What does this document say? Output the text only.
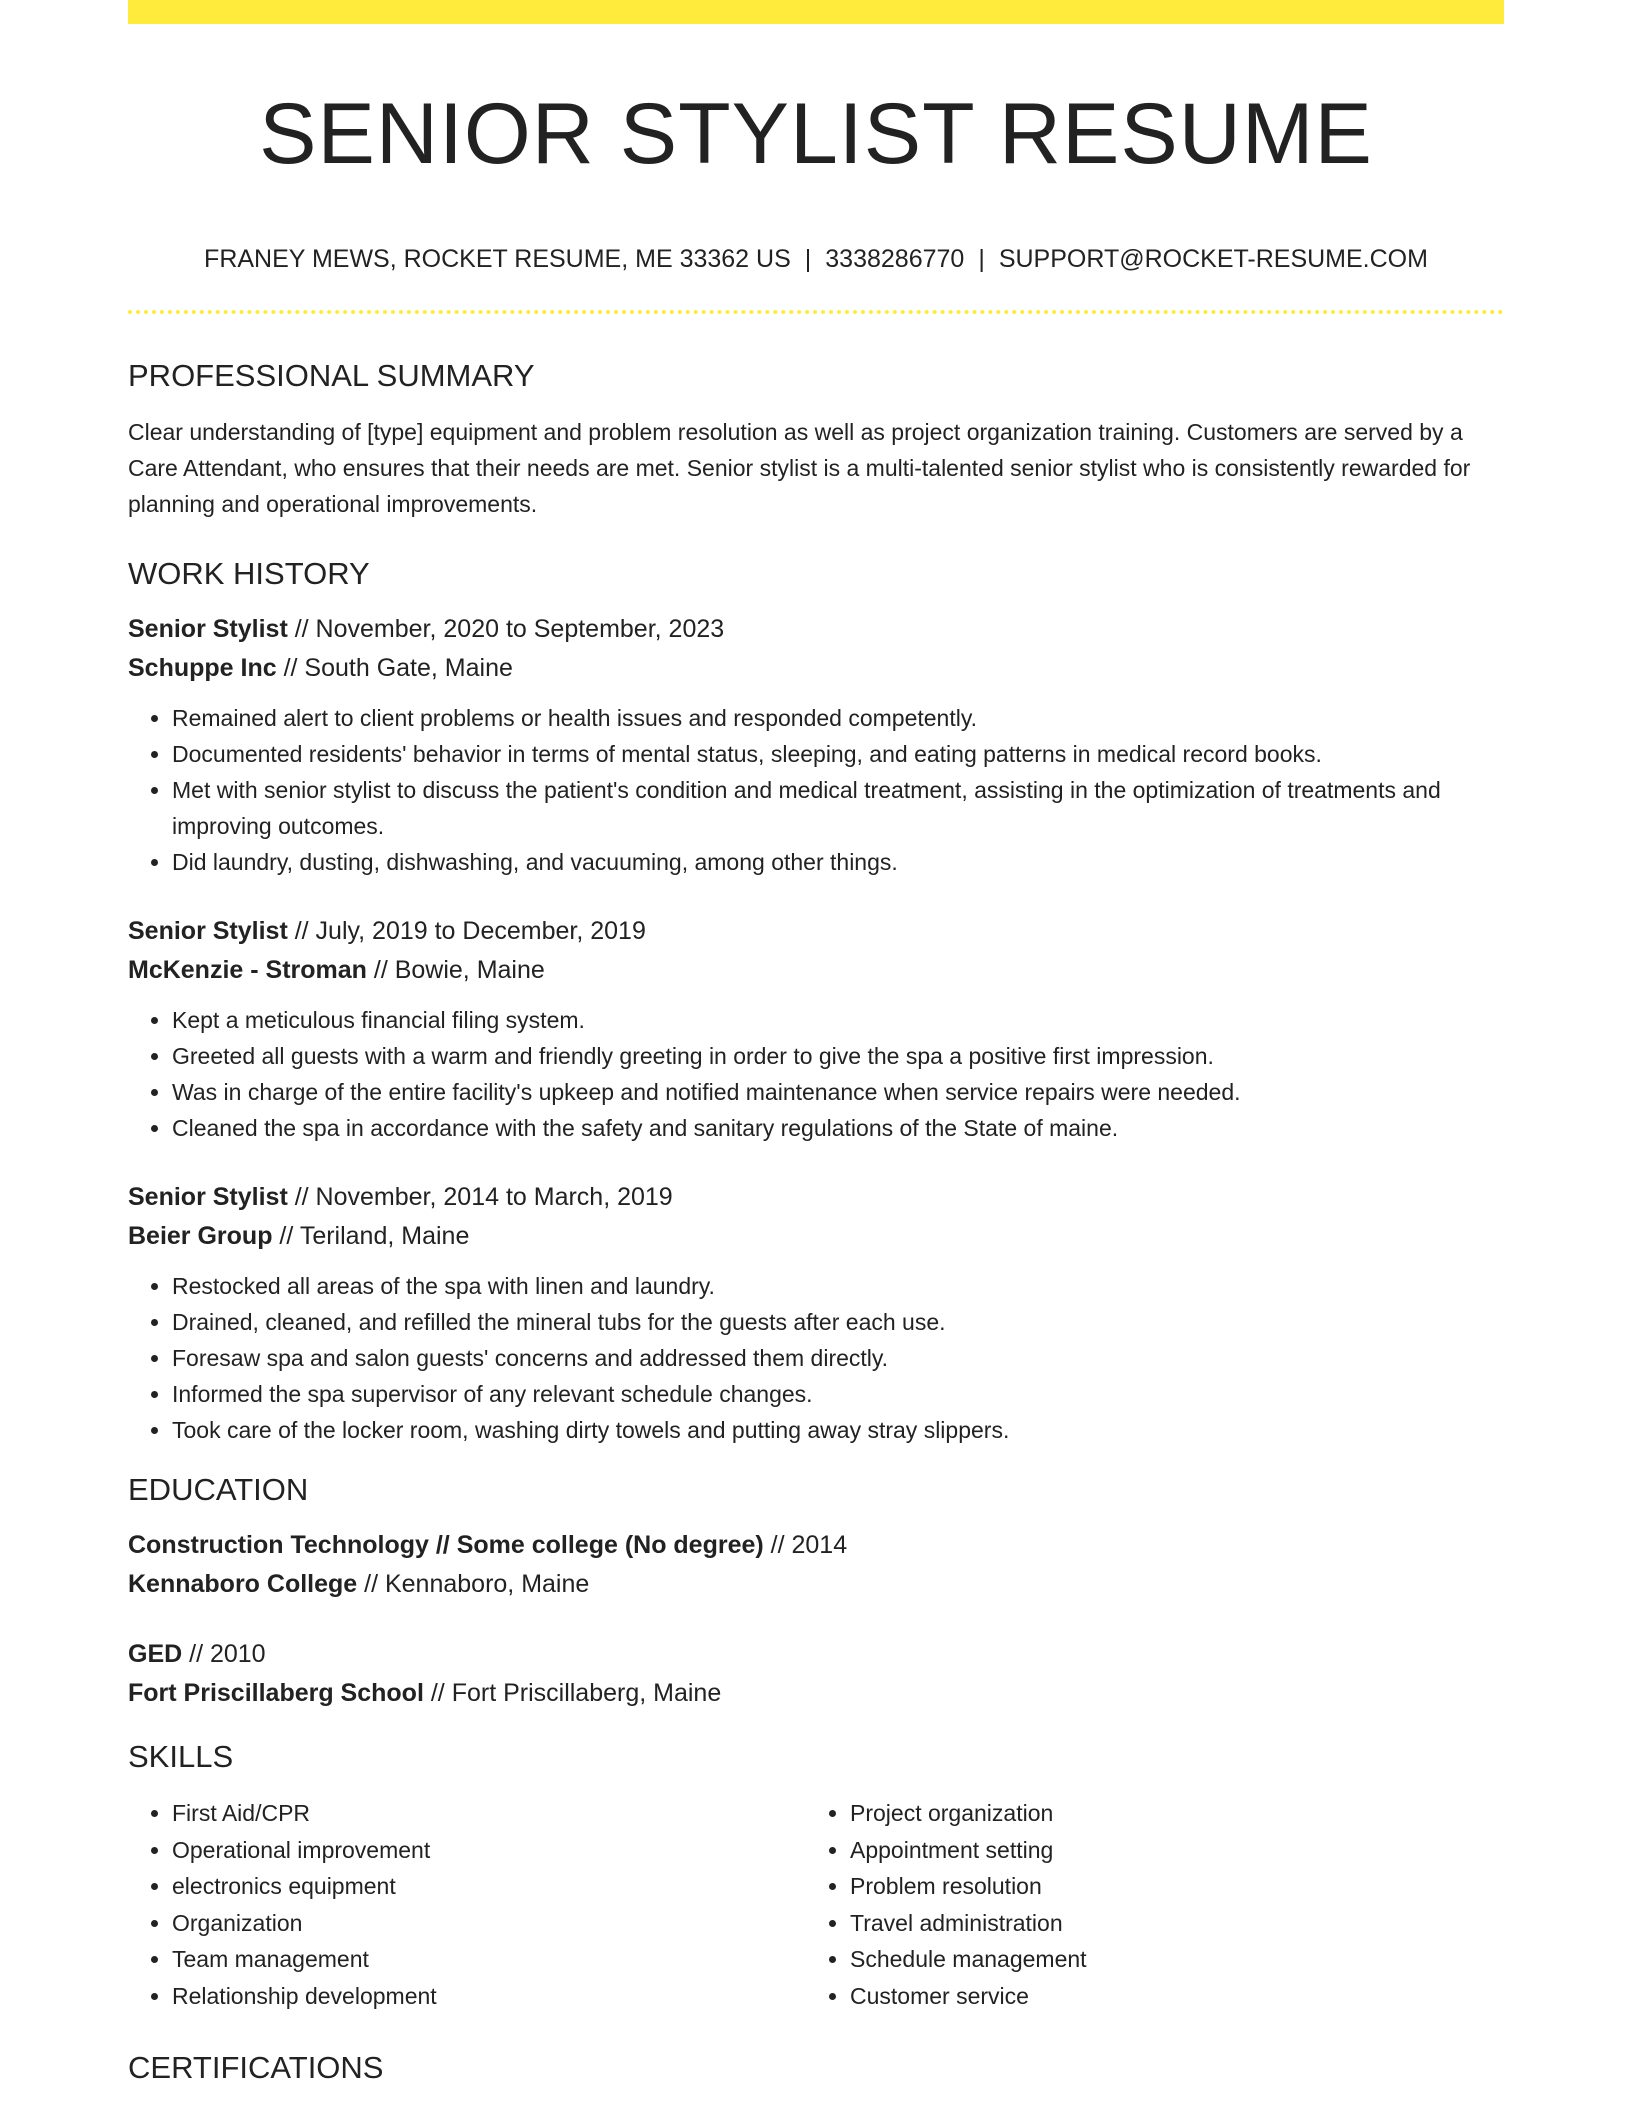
SENIOR STYLIST RESUME
FRANEY MEWS, ROCKET RESUME, ME 33362 US | 3338286770 | SUPPORT@ROCKET-RESUME.COM
PROFESSIONAL SUMMARY
Clear understanding of [type] equipment and problem resolution as well as project organization training. Customers are served by a Care Attendant, who ensures that their needs are met. Senior stylist is a multi-talented senior stylist who is consistently rewarded for planning and operational improvements.
WORK HISTORY
Senior Stylist // November, 2020 to September, 2023
Schuppe Inc // South Gate, Maine
• Remained alert to client problems or health issues and responded competently.
• Documented residents' behavior in terms of mental status, sleeping, and eating patterns in medical record books.
• Met with senior stylist to discuss the patient's condition and medical treatment, assisting in the optimization of treatments and improving outcomes.
• Did laundry, dusting, dishwashing, and vacuuming, among other things.
Senior Stylist // July, 2019 to December, 2019
McKenzie - Stroman // Bowie, Maine
• Kept a meticulous financial filing system.
• Greeted all guests with a warm and friendly greeting in order to give the spa a positive first impression.
• Was in charge of the entire facility's upkeep and notified maintenance when service repairs were needed.
• Cleaned the spa in accordance with the safety and sanitary regulations of the State of maine.
Senior Stylist // November, 2014 to March, 2019
Beier Group // Teriland, Maine
• Restocked all areas of the spa with linen and laundry.
• Drained, cleaned, and refilled the mineral tubs for the guests after each use.
• Foresaw spa and salon guests' concerns and addressed them directly.
• Informed the spa supervisor of any relevant schedule changes.
• Took care of the locker room, washing dirty towels and putting away stray slippers.
EDUCATION
Construction Technology // Some college (No degree) // 2014
Kennaboro College // Kennaboro, Maine
GED // 2010
Fort Priscillaberg School // Fort Priscillaberg, Maine
SKILLS
• First Aid/CPR
• Operational improvement
• electronics equipment
• Organization
• Team management
• Relationship development
• Project organization
• Appointment setting
• Problem resolution
• Travel administration
• Schedule management
• Customer service
CERTIFICATIONS
